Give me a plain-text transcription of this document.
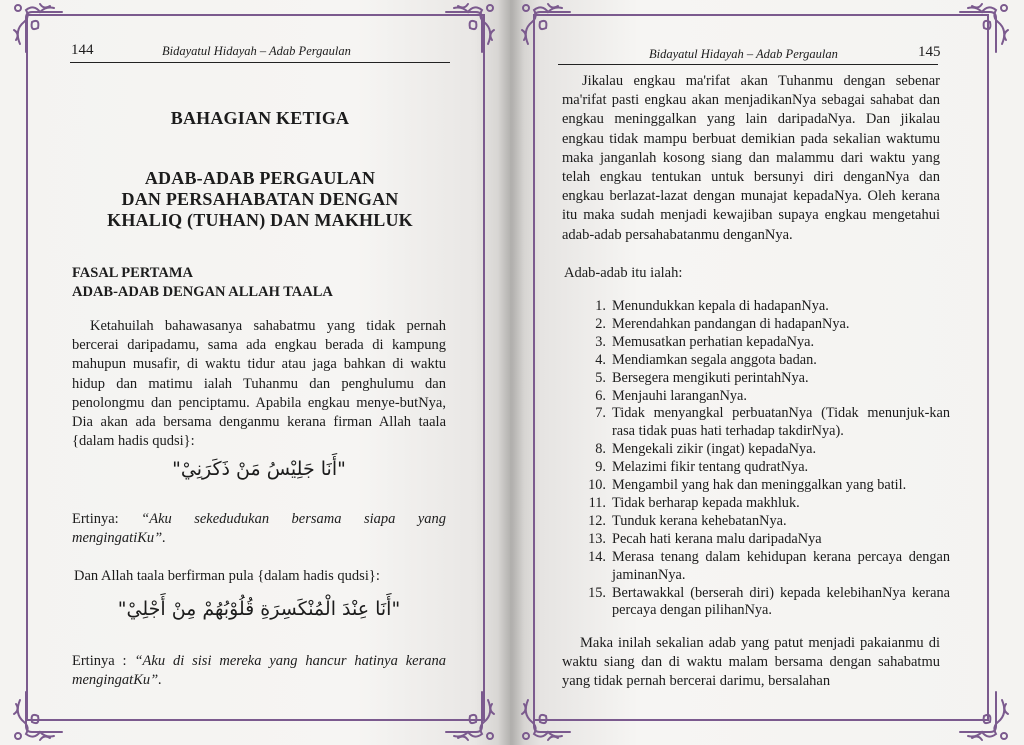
144	Bidayatul Hidayah – Adab Pergaulan
BAHAGIAN KETIGA
ADAB-ADAB PERGAULAN
DAN PERSAHABATAN DENGAN
KHALIQ (TUHAN) DAN MAKHLUK
FASAL PERTAMA
ADAB-ADAB DENGAN ALLAH TAALA
Ketahuilah bahawasanya sahabatmu yang tidak pernah bercerai daripadamu, sama ada engkau berada di kampung mahupun musafir, di waktu tidur atau jaga bahkan di waktu hidup dan matimu ialah Tuhanmu dan penghulumu dan penolongmu dan penciptamu. Apabila engkau menye-butNya, Dia akan ada bersama denganmu kerana firman Allah taala {dalam hadis qudsi}:
"أَنَا جَلِيْسُ مَنْ ذَكَرَنِيْ"
Ertinya: “Aku sekedudukan bersama siapa yang mengingatiKu”.
Dan Allah taala berfirman pula {dalam hadis qudsi}:
"أَنَا عِنْدَ الْمُنْكَسِرَةِ قُلُوْبُهُمْ مِنْ أَجْلِيْ"
Ertinya : “Aku di sisi mereka yang hancur hatinya kerana mengingatKu”.
Bidayatul Hidayah – Adab Pergaulan	145
Jikalau engkau ma'rifat akan Tuhanmu dengan sebenar ma'rifat pasti engkau akan menjadikanNya sebagai sahabat dan engkau meninggalkan yang lain daripadaNya. Dan jikalau engkau tidak mampu berbuat demikian pada sekalian waktumu maka janganlah kosong siang dan malammu dari waktu yang telah engkau tentukan untuk bersunyi diri denganNya dan engkau berlazat-lazat dengan munajat kepadaNya. Oleh kerana itu maka sudah menjadi kewajiban supaya engkau mengetahui adab-adab persahabatanmu denganNya.
Adab-adab itu ialah:
1. Menundukkan kepala di hadapanNya.
2. Merendahkan pandangan di hadapanNya.
3. Memusatkan perhatian kepadaNya.
4. Mendiamkan segala anggota badan.
5. Bersegera mengikuti perintahNya.
6. Menjauhi laranganNya.
7. Tidak menyangkal perbuatanNya (Tidak menunjuk-kan rasa tidak puas hati terhadap takdirNya).
8. Mengekali zikir (ingat) kepadaNya.
9. Melazimi fikir tentang qudratNya.
10. Mengambil yang hak dan meninggalkan yang batil.
11. Tidak berharap kepada makhluk.
12. Tunduk kerana kehebatanNya.
13. Pecah hati kerana malu daripadaNya
14. Merasa tenang dalam kehidupan kerana percaya dengan jaminanNya.
15. Bertawakkal (berserah diri) kepada kelebihanNya kerana percaya dengan pilihanNya.
Maka inilah sekalian adab yang patut menjadi pakaianmu di waktu siang dan di waktu malam bersama dengan sahabatmu yang tidak pernah bercerai darimu, bersalahan
